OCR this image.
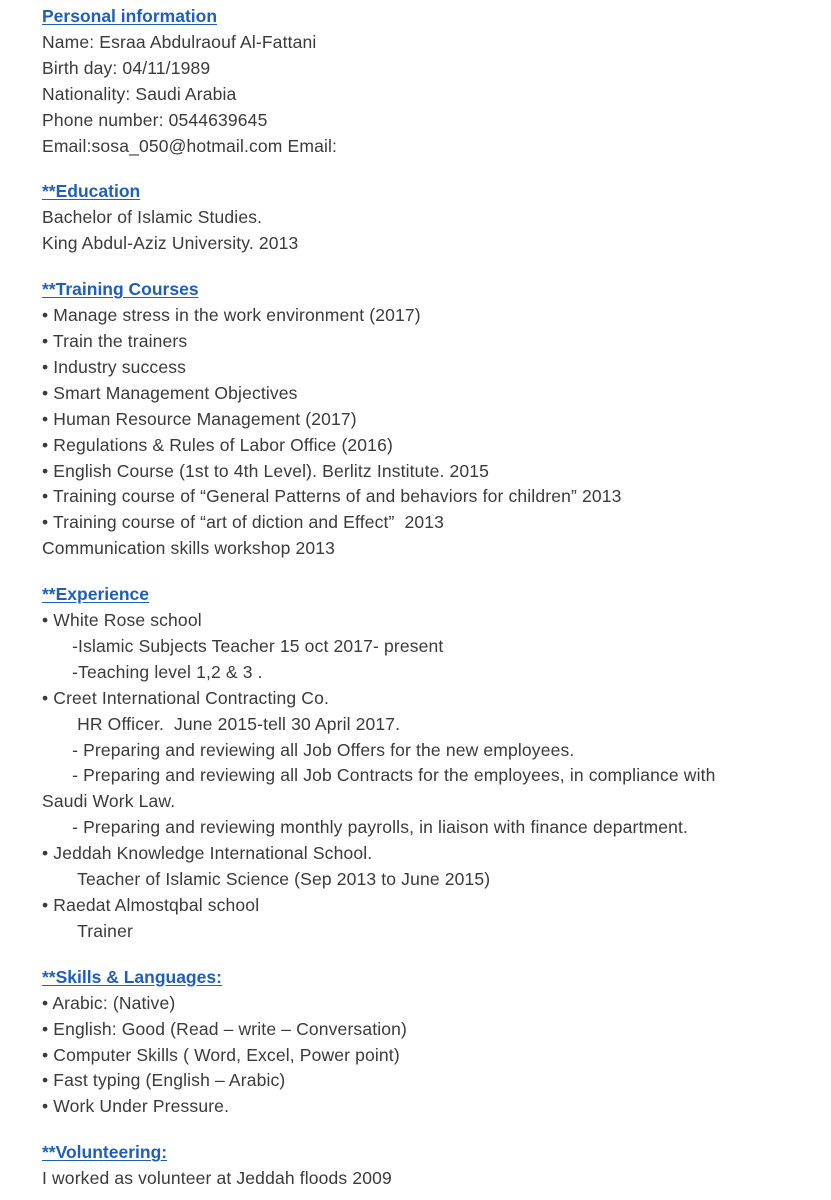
Personal information
Name: Esraa Abdulraouf Al-Fattani
Birth day: 04/11/1989
Nationality: Saudi Arabia
Phone number: 0544639645
Email:sosa_050@hotmail.com Email:
**Education
Bachelor of Islamic Studies.
King Abdul-Aziz University. 2013
**Training Courses
• Manage stress in the work environment (2017)
• Train the trainers
• Industry success
• Smart Management Objectives
• Human Resource Management (2017)
• Regulations & Rules of Labor Office (2016)
• English Course (1st to 4th Level). Berlitz Institute. 2015
• Training course of “General Patterns of and behaviors for children” 2013
• Training course of “art of diction and Effect”  2013
Communication skills workshop 2013
**Experience
• White Rose school
-Islamic Subjects Teacher 15 oct 2017- present
-Teaching level 1,2 & 3 .
• Creet International Contracting Co.
HR Officer.  June 2015-tell 30 April 2017.
- Preparing and reviewing all Job Offers for the new employees.
- Preparing and reviewing all Job Contracts for the employees, in compliance with
Saudi Work Law.
- Preparing and reviewing monthly payrolls, in liaison with finance department.
• Jeddah Knowledge International School.
Teacher of Islamic Science (Sep 2013 to June 2015)
• Raedat Almostqbal school
Trainer
**Skills & Languages:
• Arabic: (Native)
• English: Good (Read – write – Conversation)
• Computer Skills ( Word, Excel, Power point)
• Fast typing (English – Arabic)
• Work Under Pressure.
**Volunteering:
I worked as volunteer at Jeddah floods 2009
